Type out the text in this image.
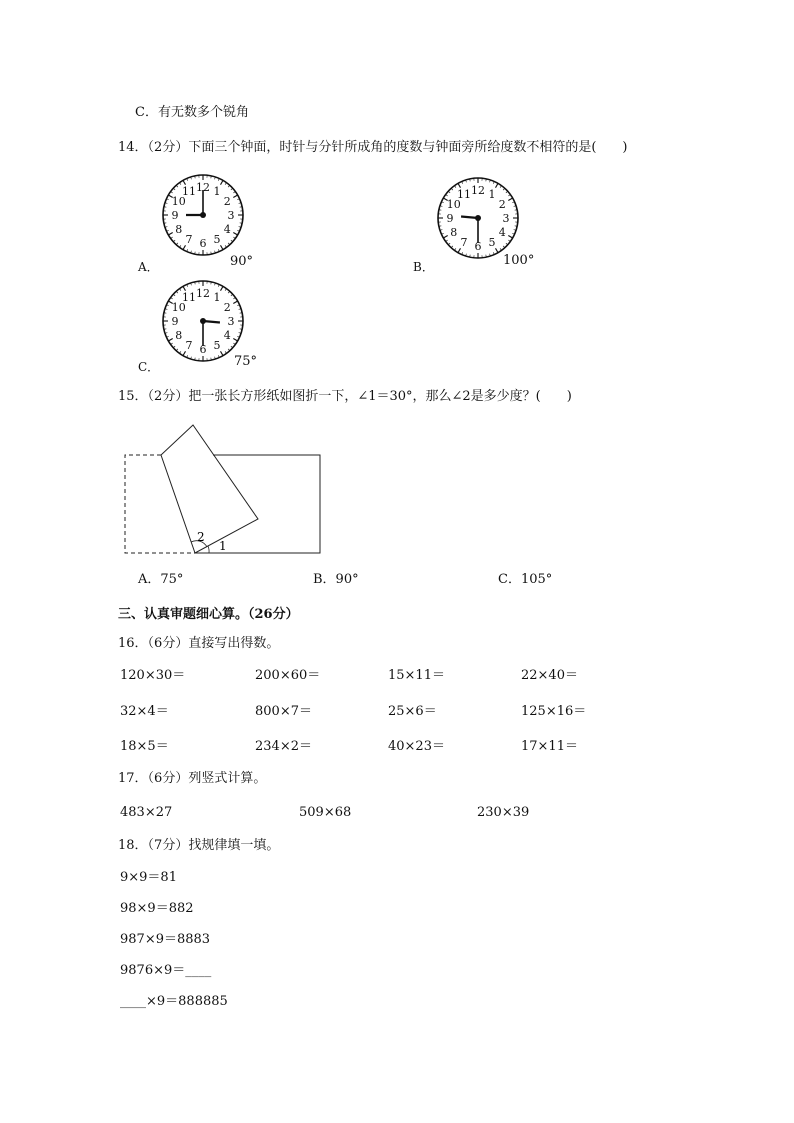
C．有无数多个锐角
14．（2分）下面三个钟面，时针与分针所成角的度数与钟面旁所给度数不相符的是(　　)
12 1
2
3
4
5
6
7
8
9
10
11
A．	90°
12 1
2
3
4
5
6
7
8
9
10
11
B．	100°
12 1
2
3
4
5
6
7
8
9
10
11
C．	75°
15．（2分）把一张长方形纸如图折一下，∠1＝30°，那么∠2是多少度？(　　)
2
1
A．75°	B．90°	C．105°
三、认真审题细心算。（26分）
16．（6分）直接写出得数。
120×30＝	200×60＝	15×11＝	22×40＝
32×4＝	800×7＝	25×6＝	125×16＝
18×5＝	234×2＝	40×23＝	17×11＝
17．（6分）列竖式计算。
483×27	509×68	230×39
18．（7分）找规律填一填。
9×9＝81
98×9＝882
987×9＝8883
9876×9＝____
____×9＝888885
